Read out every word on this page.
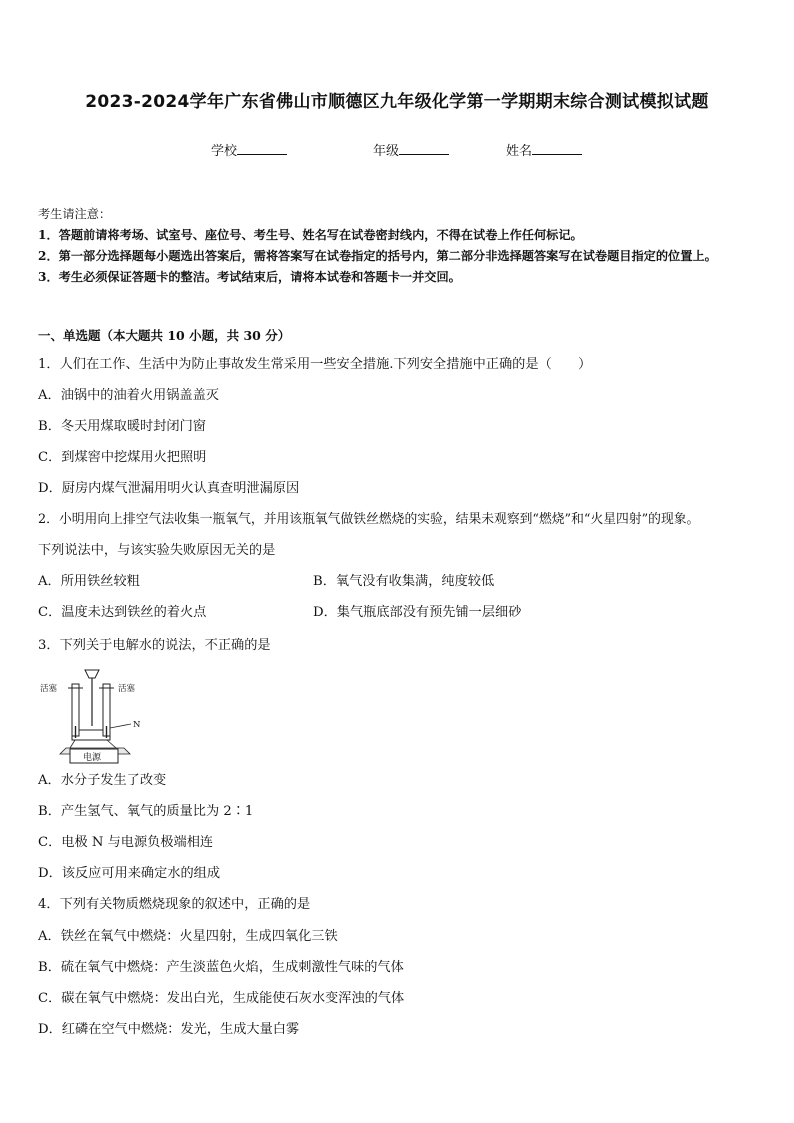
2023-2024学年广东省佛山市顺德区九年级化学第一学期期末综合测试模拟试题
学校	年级	姓名

考生请注意：

1．答题前请将考场、试室号、座位号、考生号、姓名写在试卷密封线内，不得在试卷上作任何标记。

2．第一部分选择题每小题选出答案后，需将答案写在试卷指定的括号内，第二部分非选择题答案写在试卷题目指定的位置上。

3．考生必须保证答题卡的整洁。考试结束后，请将本试卷和答题卡一并交回。

一、单选题（本大题共 10 小题，共 30 分）
1．人们在工作、生活中为防止事故发生常采用一些安全措施.下列安全措施中正确的是（　　）
A．油锅中的油着火用锅盖盖灭
B．冬天用煤取暖时封闭门窗
C．到煤窖中挖煤用火把照明
D．厨房内煤气泄漏用明火认真查明泄漏原因
2．小明用向上排空气法收集一瓶氧气，并用该瓶氧气做铁丝燃烧的实验，结果未观察到“燃烧”和“火星四射”的现象。
下列说法中，与该实验失败原因无关的是
A．所用铁丝较粗	B．氧气没有收集满，纯度较低
C．温度未达到铁丝的着火点	D．集气瓶底部没有预先铺一层细砂
3．下列关于电解水的说法，不正确的是
活塞	活塞
N
电源
A．水分子发生了改变
B．产生氢气、氧气的质量比为 2∶1
C．电极 N 与电源负极端相连
D．该反应可用来确定水的组成
4．下列有关物质燃烧现象的叙述中，正确的是
A．铁丝在氧气中燃烧：火星四射，生成四氧化三铁
B．硫在氧气中燃烧：产生淡蓝色火焰，生成刺激性气味的气体
C．碳在氧气中燃烧：发出白光，生成能使石灰水变浑浊的气体
D．红磷在空气中燃烧：发光，生成大量白雾
